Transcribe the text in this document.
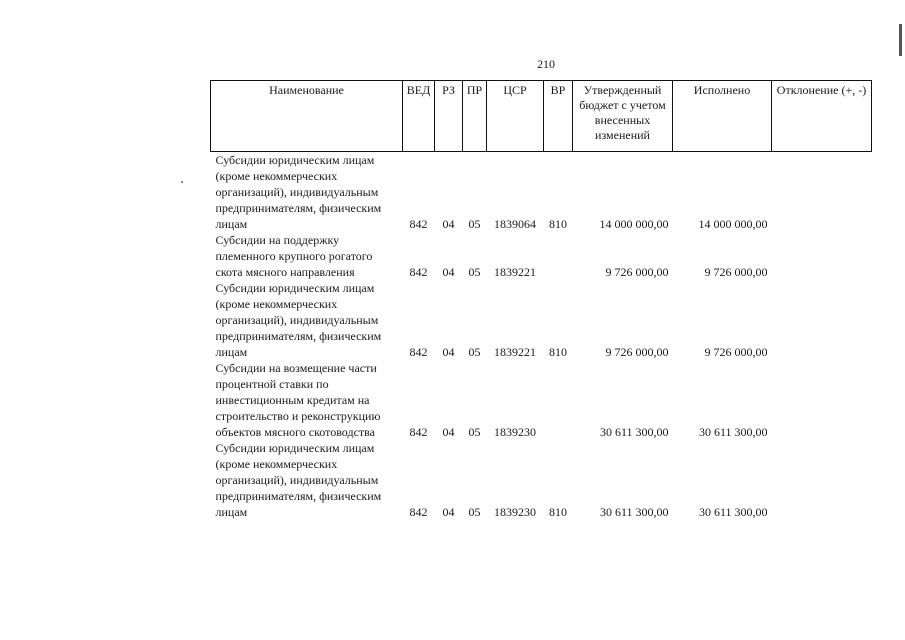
210
Наименование	ВЕД	РЗ	ПР	ЦСР	ВР	Утвержденный бюджет с учетом внесенных изменений	Исполнено	Отклонение (+, -)
Субсидии юридическим лицам (кроме некоммерческих организаций), индивидуальным предпринимателям, физическим лицам	842	04	05	1839064	810	14 000 000,00	14 000 000,00	
Субсидии на поддержку племенного крупного рогатого скота мясного направления	842	04	05	1839221		9 726 000,00	9 726 000,00	
Субсидии юридическим лицам (кроме некоммерческих организаций), индивидуальным предпринимателям, физическим лицам	842	04	05	1839221	810	9 726 000,00	9 726 000,00	
Субсидии на возмещение части процентной ставки по инвестиционным кредитам на строительство и реконструкцию объектов мясного скотоводства	842	04	05	1839230		30 611 300,00	30 611 300,00	
Субсидии юридическим лицам (кроме некоммерческих организаций), индивидуальным предпринимателям, физическим лицам	842	04	05	1839230	810	30 611 300,00	30 611 300,00	
